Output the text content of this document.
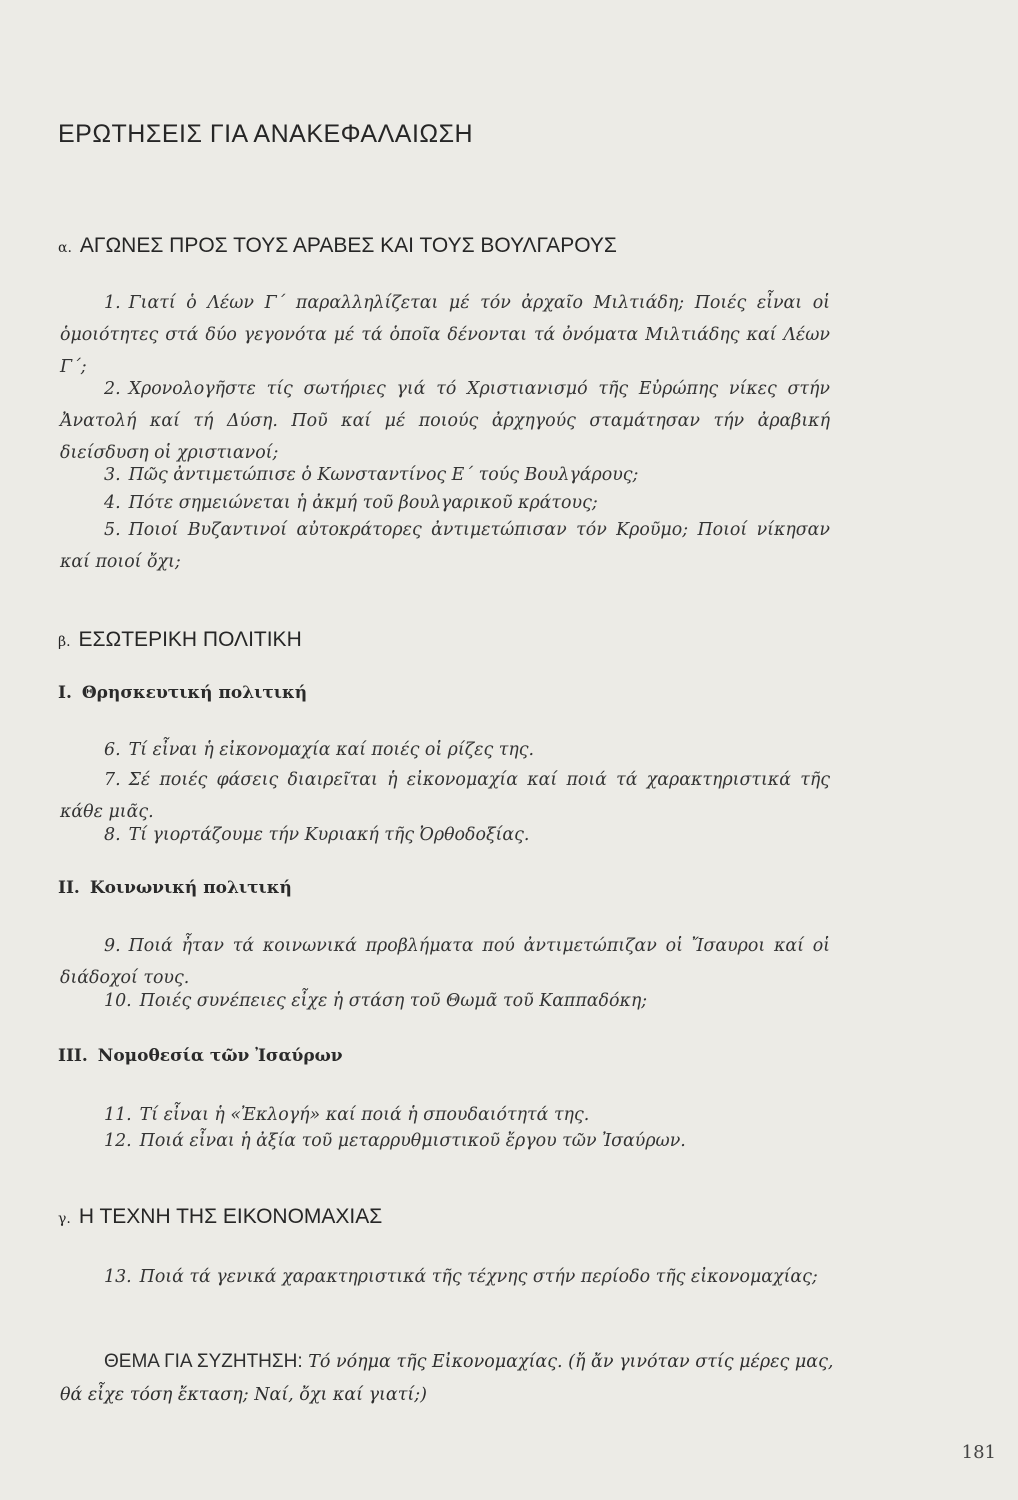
ΕΡΩΤΗΣΕΙΣ ΓΙΑ ΑΝΑΚΕΦΑΛΑΙΩΣΗ
α. ΑΓΩΝΕΣ ΠΡΟΣ ΤΟΥΣ ΑΡΑΒΕΣ ΚΑΙ ΤΟΥΣ ΒΟΥΛΓΑΡΟΥΣ
1. Γιατί ὁ Λέων Γ΄ παραλληλίζεται μέ τόν ἀρχαῖο Μιλτιάδη; Ποιές εἶναι οἱ ὁμοιότητες στά δύο γεγονότα μέ τά ὁποῖα δένονται τά ὀνόματα Μιλτιάδης καί Λέων Γ΄;
2. Χρονολογῆστε τίς σωτήριες γιά τό Χριστιανισμό τῆς Εὐρώπης νίκες στήν Ἀνατολή καί τή Δύση. Ποῦ καί μέ ποιούς ἀρχηγούς σταμάτησαν τήν ἀραβική διείσδυση οἱ χριστιανοί;
3. Πῶς ἀντιμετώπισε ὁ Κωνσταντίνος Ε΄ τούς Βουλγάρους;
4. Πότε σημειώνεται ἡ ἀκμή τοῦ βουλγαρικοῦ κράτους;
5. Ποιοί Βυζαντινοί αὐτοκράτορες ἀντιμετώπισαν τόν Κροῦμο; Ποιοί νίκησαν καί ποιοί ὄχι;
β. ΕΣΩΤΕΡΙΚΗ ΠΟΛΙΤΙΚΗ
I. Θρησκευτική πολιτική
6. Τί εἶναι ἡ εἰκονομαχία καί ποιές οἱ ρίζες της.
7. Σέ ποιές φάσεις διαιρεῖται ἡ εἰκονομαχία καί ποιά τά χαρακτηριστικά τῆς κάθε μιᾶς.
8. Τί γιορτάζουμε τήν Κυριακή τῆς Ὀρθοδοξίας.
II. Κοινωνική πολιτική
9. Ποιά ἦταν τά κοινωνικά προβλήματα πού ἀντιμετώπιζαν οἱ Ἴσαυροι καί οἱ διάδοχοί τους.
10. Ποιές συνέπειες εἶχε ἡ στάση τοῦ Θωμᾶ τοῦ Καππαδόκη;
III. Νομοθεσία τῶν Ἰσαύρων
11. Τί εἶναι ἡ «Ἐκλογή» καί ποιά ἡ σπουδαιότητά της.
12. Ποιά εἶναι ἡ ἀξία τοῦ μεταρρυθμιστικοῦ ἔργου τῶν Ἰσαύρων.
γ. Η ΤΕΧΝΗ ΤΗΣ ΕΙΚΟΝΟΜΑΧΙΑΣ
13. Ποιά τά γενικά χαρακτηριστικά τῆς τέχνης στήν περίοδο τῆς εἰκονομαχίας;
ΘΕΜΑ ΓΙΑ ΣΥΖΗΤΗΣΗ: Τό νόημα τῆς Εἰκονομαχίας. (ἤ ἄν γινόταν στίς μέρες μας, θά εἶχε τόση ἔκταση; Ναί, ὄχι καί γιατί;)
181
